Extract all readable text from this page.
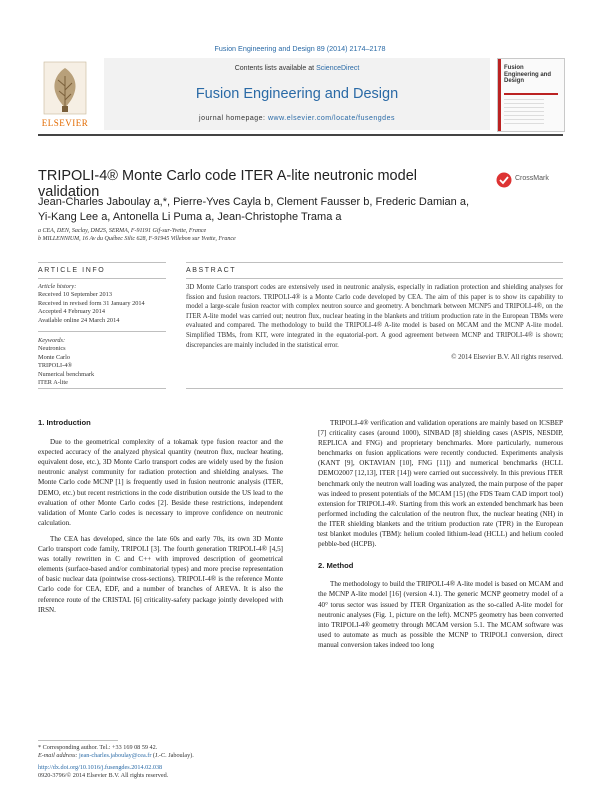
Fusion Engineering and Design 89 (2014) 2174–2178
ELSEVIER
Contents lists available at ScienceDirect
Fusion Engineering and Design
journal homepage: www.elsevier.com/locate/fusengdes
Fusion Engineering and Design
TRIPOLI-4® Monte Carlo code ITER A-lite neutronic model validation
CrossMark
Jean-Charles Jaboulay a,*, Pierre-Yves Cayla b, Clement Fausser b, Frederic Damian a,
Yi-Kang Lee a, Antonella Li Puma a, Jean-Christophe Trama a
a CEA, DEN, Saclay, DM2S, SERMA, F-91191 Gif-sur-Yvette, France
b MILLENNIUM, 16 Av du Québec Silic 628, F-91945 Villebon sur Yvette, France
ARTICLE INFO	ABSTRACT
Article history:
Received 10 September 2013
Received in revised form 31 January 2014
Accepted 4 February 2014
Available online 24 March 2014
Keywords:
Neutronics
Monte Carlo
TRIPOLI-4®
Numerical benchmark
ITER A-lite
3D Monte Carlo transport codes are extensively used in neutronic analysis, especially in radiation protection and shielding analyses for fission and fusion reactors. TRIPOLI-4® is a Monte Carlo code developed by CEA. The aim of this paper is to show its capability to model a large-scale fusion reactor with complex neutron source and geometry. A benchmark between MCNP5 and TRIPOLI-4®, on the ITER A-lite model was carried out; neutron flux, nuclear heating in the blankets and tritium production rate in the European TBMs were evaluated and compared. The methodology to build the TRIPOLI-4® A-lite model is based on MCAM and the MCNP A-lite model. Simplified TBMs, from KIT, were integrated in the equatorial-port. A good agreement between MCNP and TRIPOLI-4® is shown; discrepancies are mainly included in the statistical error.
© 2014 Elsevier B.V. All rights reserved.
1. Introduction

Due to the geometrical complexity of a tokamak type fusion reactor and the expected accuracy of the analyzed physical quantity (neutron flux, nuclear heating, equivalent dose, etc.), 3D Monte Carlo transport codes are widely used by the fusion neutronic analyst community for radiation protection and shielding analyses. The Monte Carlo code MCNP [1] is frequently used in fusion neutronic analysis (ITER, DEMO, etc.) but recent restrictions in the code distribution outside the US lead to the evaluation of other Monte Carlo codes [2]. Beside these restrictions, independent validation of Monte Carlo codes is necessary to improve confidence on neutronic calculation.

The CEA has developed, since the late 60s and early 70s, its own 3D Monte Carlo transport code family, TRIPOLI [3]. The fourth generation TRIPOLI-4® [4,5] was totally rewritten in C and C++ with improved description of geometrical elements (surface-based and/or combinatorial types) and more precise representation of basic nuclear data (pointwise cross-sections). TRIPOLI-4® is the reference Monte Carlo code for CEA, EDF, and a number of branches of AREVA. It is also the reference route of the CRISTAL [6] criticality-safety package jointly developed with IRSN.

TRIPOLI-4® verification and validation operations are mainly based on ICSBEP [7] criticality cases (around 1000), SINBAD [8] shielding cases (ASPIS, NESDIP, REPLICA and FNG) and proprietary benchmarks. More particularly, numerous benchmarks on fusion applications were recently conducted. Experiments analysis (KANT [9], OKTAVIAN [10], FNG [11]) and numerical benchmarks (HCLL DEMO2007 [12,13], ITER [14]) were carried out successively. In this previous ITER benchmark only the neutron wall loading was analyzed, the main purpose of the paper was indeed to present potentials of the MCAM [15] (the FDS Team CAD import tool) extension for TRIPOLI-4®. Starting from this work an extended benchmark has been performed including the calculation of the neutron flux, the nuclear heating (NH) in the ITER shielding blankets and the tritium production rate (TPR) in the European test blanket modules (TBM): helium cooled lithium-lead (HCLL) and helium cooled pebble-bed (HCPB).

2. Method

The methodology to build the TRIPOLI-4® A-lite model is based on MCAM and the MCNP A-lite model [16] (version 4.1). The generic MCNP geometry model of a 40° torus sector was issued by ITER Organization as the so-called A-lite model for neutronic analyses (Fig. 1, picture on the left). MCNP5 geometry has been converted into TRIPOLI-4® geometry through MCAM version 5.1. The MCAM software was used to automate as much as possible the MCNP to TRIPOLI conversion, direct manual conversion takes indeed too long

* Corresponding author. Tel.: +33 169 08 59 42.
E-mail address: jean-charles.jaboulay@cea.fr (J.-C. Jaboulay).
http://dx.doi.org/10.1016/j.fusengdes.2014.02.038
0920-3796/© 2014 Elsevier B.V. All rights reserved.
